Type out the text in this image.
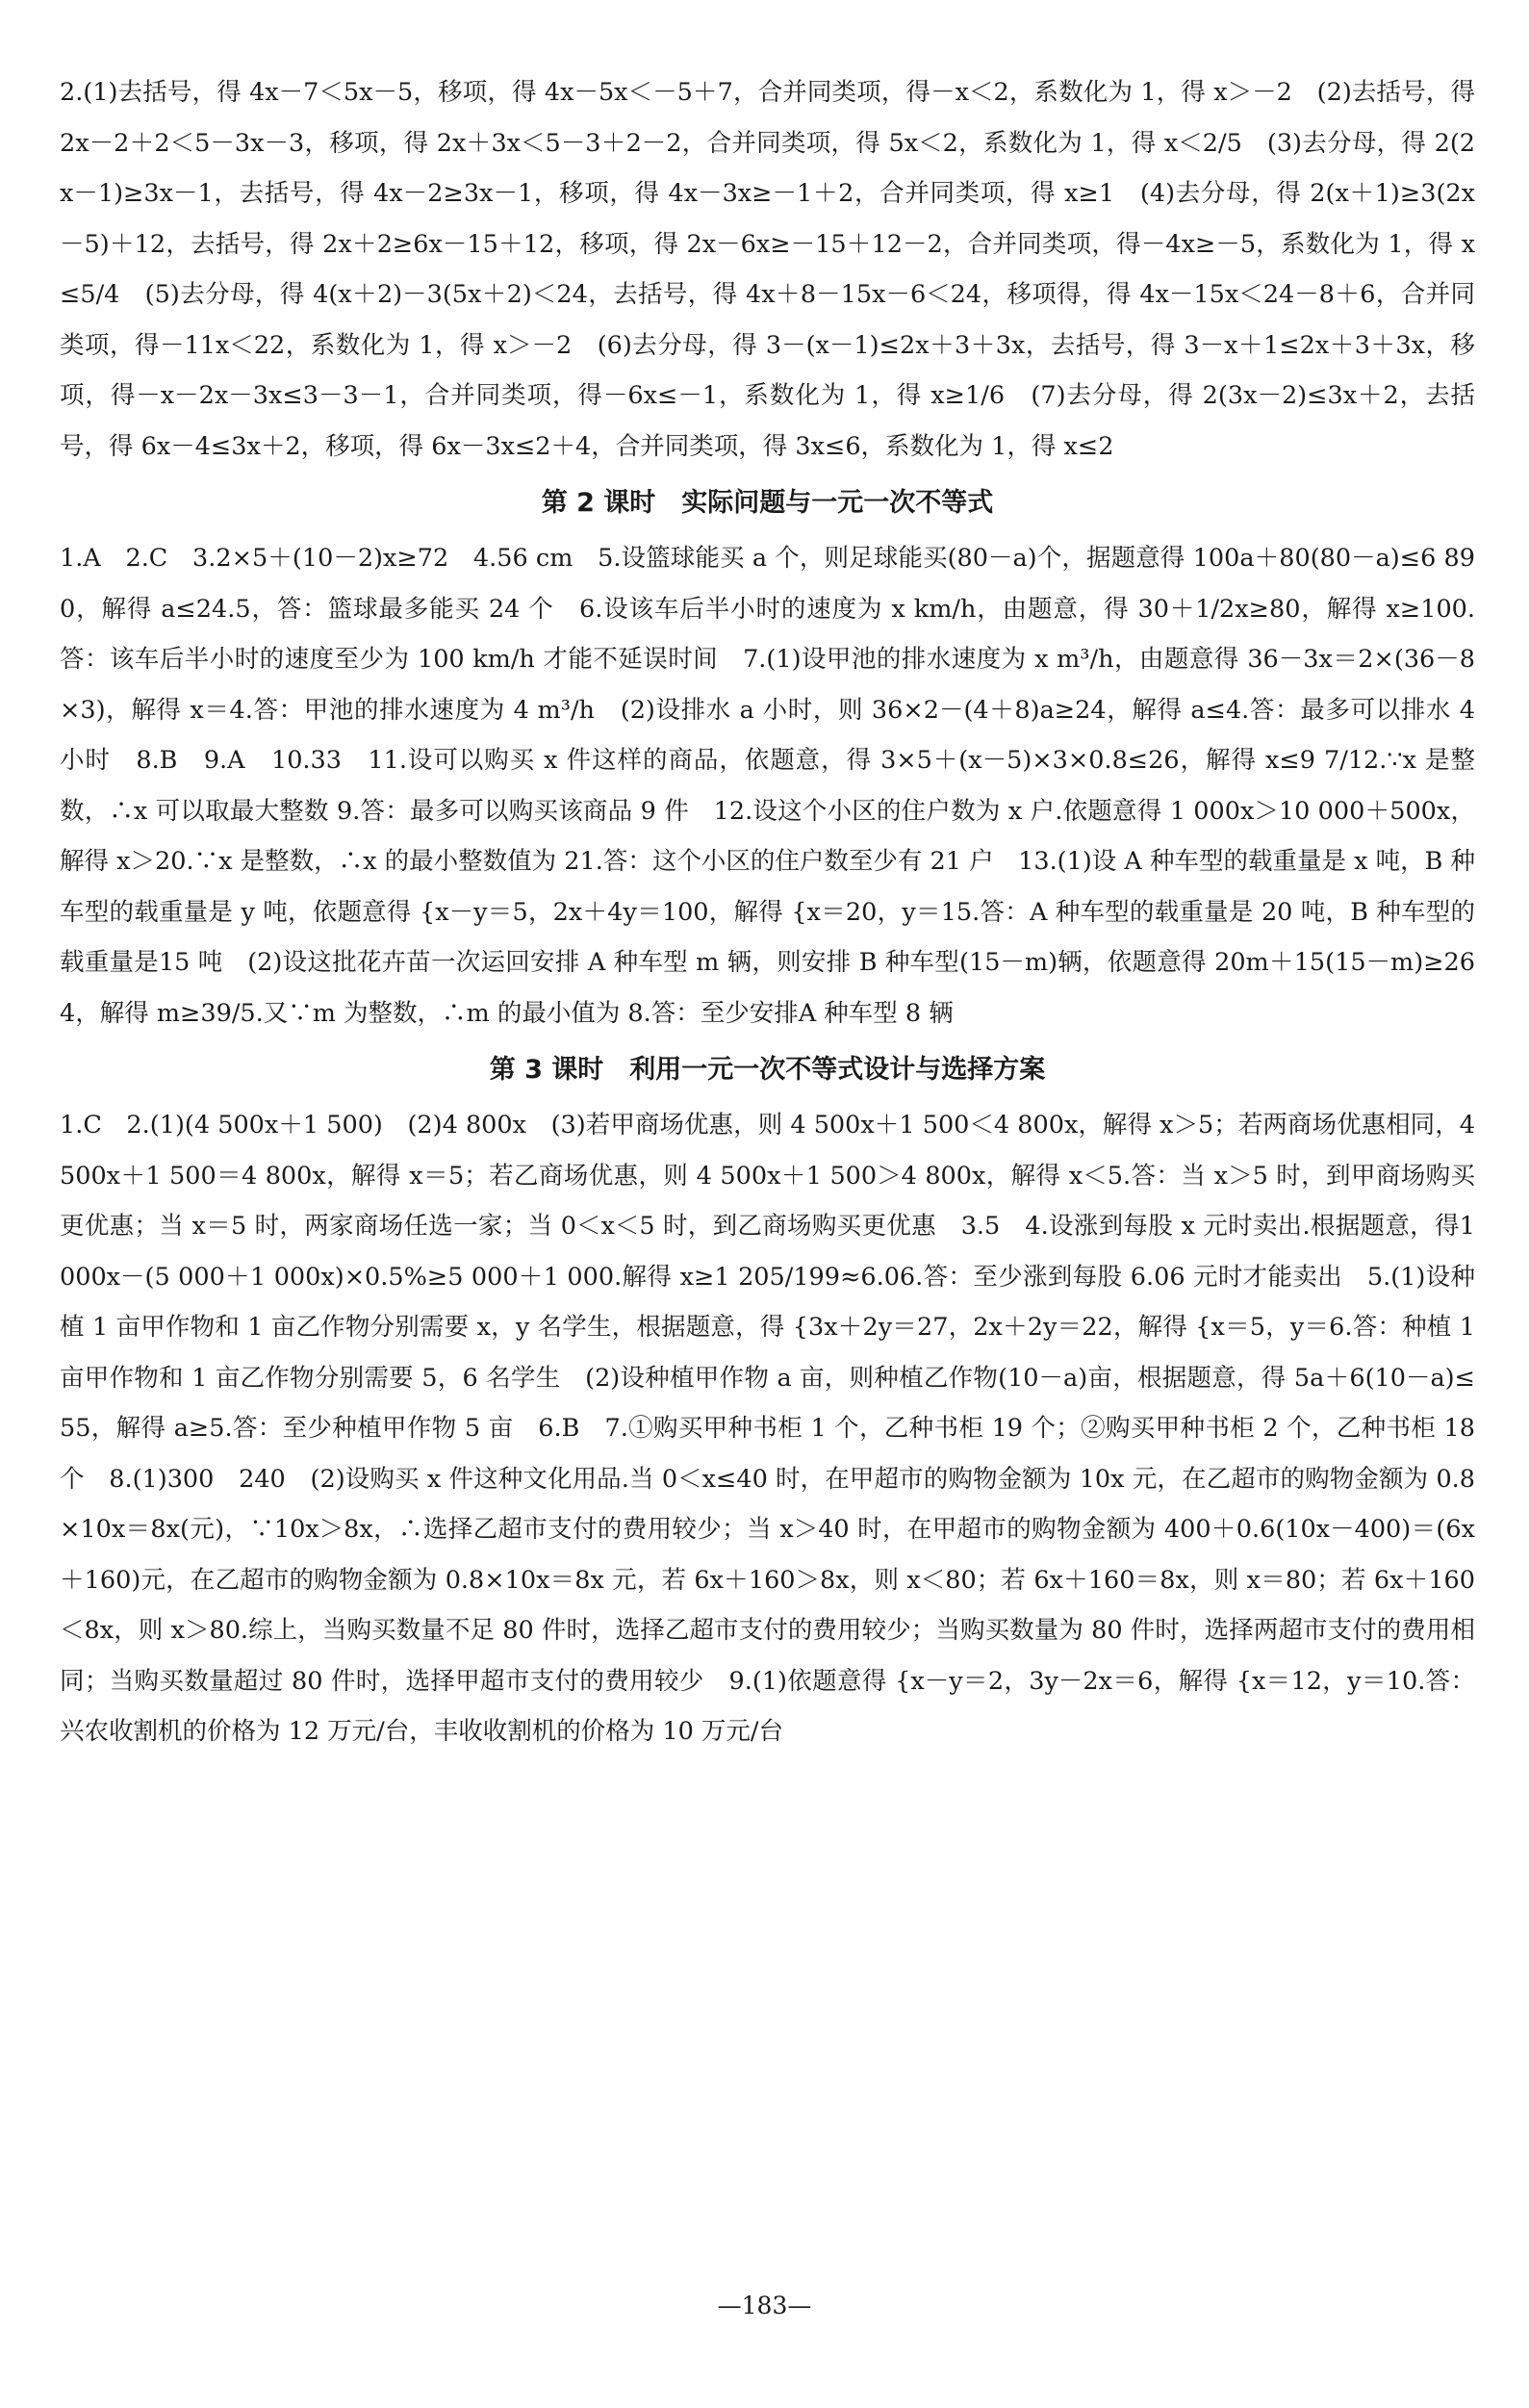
2.(1)去括号，得 4x－7＜5x－5，移项，得 4x－5x＜－5＋7，合并同类项，得－x＜2，系数化为 1，得 x＞－2　(2)去括号，得 2x－2＋2＜5－3x－3，移项，得 2x＋3x＜5－3＋2－2，合并同类项，得 5x＜2，系数化为 1，得 x＜2/5　(3)去分母，得 2(2x－1)≥3x－1，去括号，得 4x－2≥3x－1，移项，得 4x－3x≥－1＋2，合并同类项，得 x≥1　(4)去分母，得 2(x＋1)≥3(2x－5)＋12，去括号，得 2x＋2≥6x－15＋12，移项，得 2x－6x≥－15＋12－2，合并同类项，得－4x≥－5，系数化为 1，得 x≤5/4　(5)去分母，得 4(x＋2)－3(5x＋2)＜24，去括号，得 4x＋8－15x－6＜24，移项得，得 4x－15x＜24－8＋6，合并同类项，得－11x＜22，系数化为 1，得 x＞－2　(6)去分母，得 3－(x－1)≤2x＋3＋3x，去括号，得 3－x＋1≤2x＋3＋3x，移项，得－x－2x－3x≤3－3－1，合并同类项，得－6x≤－1，系数化为 1，得 x≥1/6　(7)去分母，得 2(3x－2)≤3x＋2，去括号，得 6x－4≤3x＋2，移项，得 6x－3x≤2＋4，合并同类项，得 3x≤6，系数化为 1，得 x≤2

第 2 课时　实际问题与一元一次不等式

1.A　2.C　3.2×5＋(10－2)x≥72　4.56 cm　5.设篮球能买 a 个，则足球能买(80－a)个，据题意得 100a＋80(80－a)≤6 890，解得 a≤24.5，答：篮球最多能买 24 个　6.设该车后半小时的速度为 x km/h，由题意，得 30＋1/2x≥80，解得 x≥100.答：该车后半小时的速度至少为 100 km/h 才能不延误时间　7.(1)设甲池的排水速度为 x m³/h，由题意得 36－3x＝2×(36－8×3)，解得 x＝4.答：甲池的排水速度为 4 m³/h　(2)设排水 a 小时，则 36×2－(4＋8)a≥24，解得 a≤4.答：最多可以排水 4 小时　8.B　9.A　10.33　11.设可以购买 x 件这样的商品，依题意，得 3×5＋(x－5)×3×0.8≤26，解得 x≤9 7/12.∵x 是整数，∴x 可以取最大整数 9.答：最多可以购买该商品 9 件　12.设这个小区的住户数为 x 户.依题意得 1 000x＞10 000＋500x，解得 x＞20.∵x 是整数，∴x 的最小整数值为 21.答：这个小区的住户数至少有 21 户　13.(1)设 A 种车型的载重量是 x 吨，B 种车型的载重量是 y 吨，依题意得 {x－y＝5，2x＋4y＝100，解得 {x＝20，y＝15.答：A 种车型的载重量是 20 吨，B 种车型的载重量是15 吨　(2)设这批花卉苗一次运回安排 A 种车型 m 辆，则安排 B 种车型(15－m)辆，依题意得 20m＋15(15－m)≥264，解得 m≥39/5.又∵m 为整数，∴m 的最小值为 8.答：至少安排A 种车型 8 辆

第 3 课时　利用一元一次不等式设计与选择方案

1.C　2.(1)(4 500x＋1 500)　(2)4 800x　(3)若甲商场优惠，则 4 500x＋1 500＜4 800x，解得 x＞5；若两商场优惠相同，4 500x＋1 500＝4 800x，解得 x＝5；若乙商场优惠，则 4 500x＋1 500＞4 800x，解得 x＜5.答：当 x＞5 时，到甲商场购买更优惠；当 x＝5 时，两家商场任选一家；当 0＜x＜5 时，到乙商场购买更优惠　3.5　4.设涨到每股 x 元时卖出.根据题意，得1 000x－(5 000＋1 000x)×0.5%≥5 000＋1 000.解得 x≥1 205/199≈6.06.答：至少涨到每股 6.06 元时才能卖出　5.(1)设种植 1 亩甲作物和 1 亩乙作物分别需要 x，y 名学生，根据题意，得 {3x＋2y＝27，2x＋2y＝22，解得 {x＝5，y＝6.答：种植 1 亩甲作物和 1 亩乙作物分别需要 5，6 名学生　(2)设种植甲作物 a 亩，则种植乙作物(10－a)亩，根据题意，得 5a＋6(10－a)≤55，解得 a≥5.答：至少种植甲作物 5 亩　6.B　7.①购买甲种书柜 1 个，乙种书柜 19 个；②购买甲种书柜 2 个，乙种书柜 18 个　8.(1)300　240　(2)设购买 x 件这种文化用品.当 0＜x≤40 时，在甲超市的购物金额为 10x 元，在乙超市的购物金额为 0.8×10x＝8x(元)，∵10x＞8x，∴选择乙超市支付的费用较少；当 x＞40 时，在甲超市的购物金额为 400＋0.6(10x－400)＝(6x＋160)元，在乙超市的购物金额为 0.8×10x＝8x 元，若 6x＋160＞8x，则 x＜80；若 6x＋160＝8x，则 x＝80；若 6x＋160＜8x，则 x＞80.综上，当购买数量不足 80 件时，选择乙超市支付的费用较少；当购买数量为 80 件时，选择两超市支付的费用相同；当购买数量超过 80 件时，选择甲超市支付的费用较少　9.(1)依题意得 {x－y＝2，3y－2x＝6，解得 {x＝12，y＝10.答：兴农收割机的价格为 12 万元/台，丰收收割机的价格为 10 万元/台

—183—
